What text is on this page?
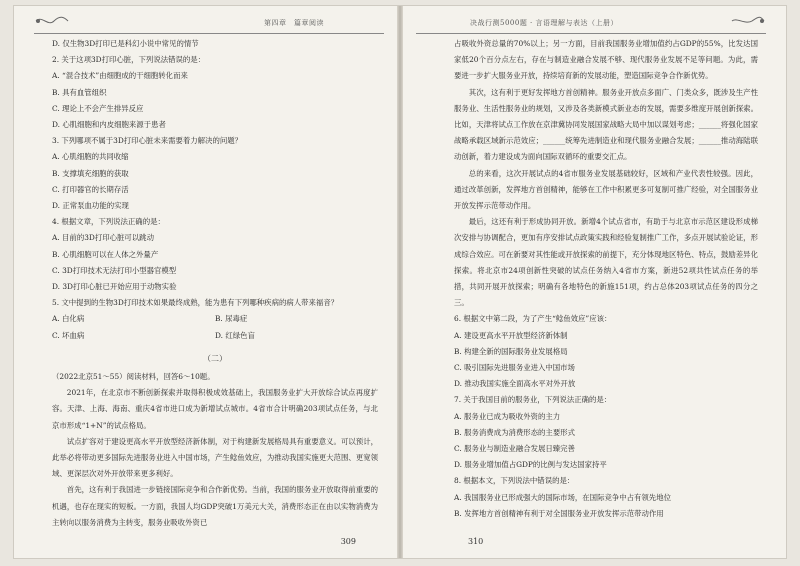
第四章　篇章阅读

D. 仅生物3D打印已是科幻小说中常见的情节

2. 关于这项3D打印心脏，下列说法错误的是：

A. “混合技术”由细胞成的干细胞转化而来

B. 具有血管组织

C. 理论上不会产生排异反应

D. 心肌细胞和内皮细胞来源于患者

3. 下列哪项不属于3D打印心脏未来需要着力解决的问题？

A. 心肌细胞的共同收缩

B. 支撑填充细胞的获取

C. 打印器官的长期存活

D. 正常泵血功能的实现

4. 根据文章，下列说法正确的是：

A. 目前的3D打印心脏可以跳动

B. 心肌细胞可以在人体之外量产

C. 3D打印技术无法打印小型器官模型

D. 3D打印心脏已开始应用于动物实验

5. 文中提到的生物3D打印技术如果最终成熟，能为患有下列哪种疾病的病人带来福音？

A. 白化病	B. 尿毒症

C. 坏血病	D. 红绿色盲

（二）

（2022北京51～55）阅读材料，回答6～10题。

2021年，在北京市不断创新探索并取得积极成效基础上，我国服务业扩大开放综合试点再度扩容。天津、上海、海南、重庆4省市进口成为新增试点城市。4省市合计明确203项试点任务，与北京市形成“1+N”的试点格局。

试点扩容对于建设更高水平开放型经济新体制，对于构建新发展格局具有重要意义。可以预计，此举必将带动更多国际先进服务业进入中国市场，产生鲶鱼效应，为推动我国实施更大范围、更宽领域、更深层次对外开放带来更多利好。

首先，这有利于我国进一步链接国际竞争和合作新优势。当前，我国的服务业开放取得前重要的机遇，也存在现实的短板。一方面，我国人均GDP突破1万美元大关，消费形态正在由以实物消费为主转向以服务消费为主转变，服务业吸收外资已

309
决战行测5000题 · 言语理解与表达（上册）

占吸收外资总量的70%以上；另一方面，目前我国服务业增加值约占GDP的55%，比发达国家低20个百分点左右，存在与制造业融合发展不够、现代服务业发展不足等问题。为此，需要进一步扩大服务业开放，持续培育新的发展动能，塑造国际竞争合作新优势。

其次，这有利于更好发挥地方首创精神。服务业开放点多面广、门类众多，既涉及生产性服务业、生活性服务业的规划，又涉及各类新模式新业态的发展，需要多维度开展创新探索。比如，天津将试点工作放在京津冀协同发展国家战略大局中加以谋划考虑；______将强化国家战略承载区域新示范效应；______统筹先进制造业和现代服务业融合发展；______推动海陆联动创新，着力建设成为面向国际双循环的重要交汇点。

总的来看，这次开展试点的4省市服务业发展基础较好，区域和产业代表性较强。因此，通过改革创新，发挥地方首创精神，能够在工作中积累更多可复制可推广经验，对全国服务业开放发挥示范带动作用。

最后，这还有利于形成协同开放。新增4个试点省市，有助于与北京市示范区建设形成梯次安排与协调配合，更加有序安排试点政策实践和经验复制推广工作，多点开展试验论证，形成综合效应。可在新要对其性能或开放探索的前提下，充分体现地区特色、特点，鼓励差异化探索。将北京市24项创新性突破的试点任务纳入4省市方案，新进52项共性试点任务的举措，共同开展开放探索；明确有各地特色的新施151项，约占总体203项试点任务的四分之三。

6. 根据文中第二段，为了产生“鲶鱼效应”应该：

A. 建设更高水平开放型经济新体制

B. 构建全新的国际服务业发展格局

C. 吸引国际先进服务业进入中国市场

D. 推动我国实施全面高水平对外开放

7. 关于我国目前的服务业，下列说法正确的是：

A. 服务业已成为吸收外资的主力

B. 服务消费成为消费形态的主要形式

C. 服务业与制造业融合发展日臻完善

D. 服务业增加值占GDP的比例与发达国家持平

8. 根据本文，下列说法中错误的是：

A. 我国服务业已形成强大的国际市场，在国际竞争中占有领先地位

B. 发挥地方首创精神有利于对全国服务业开放发挥示范带动作用

310
